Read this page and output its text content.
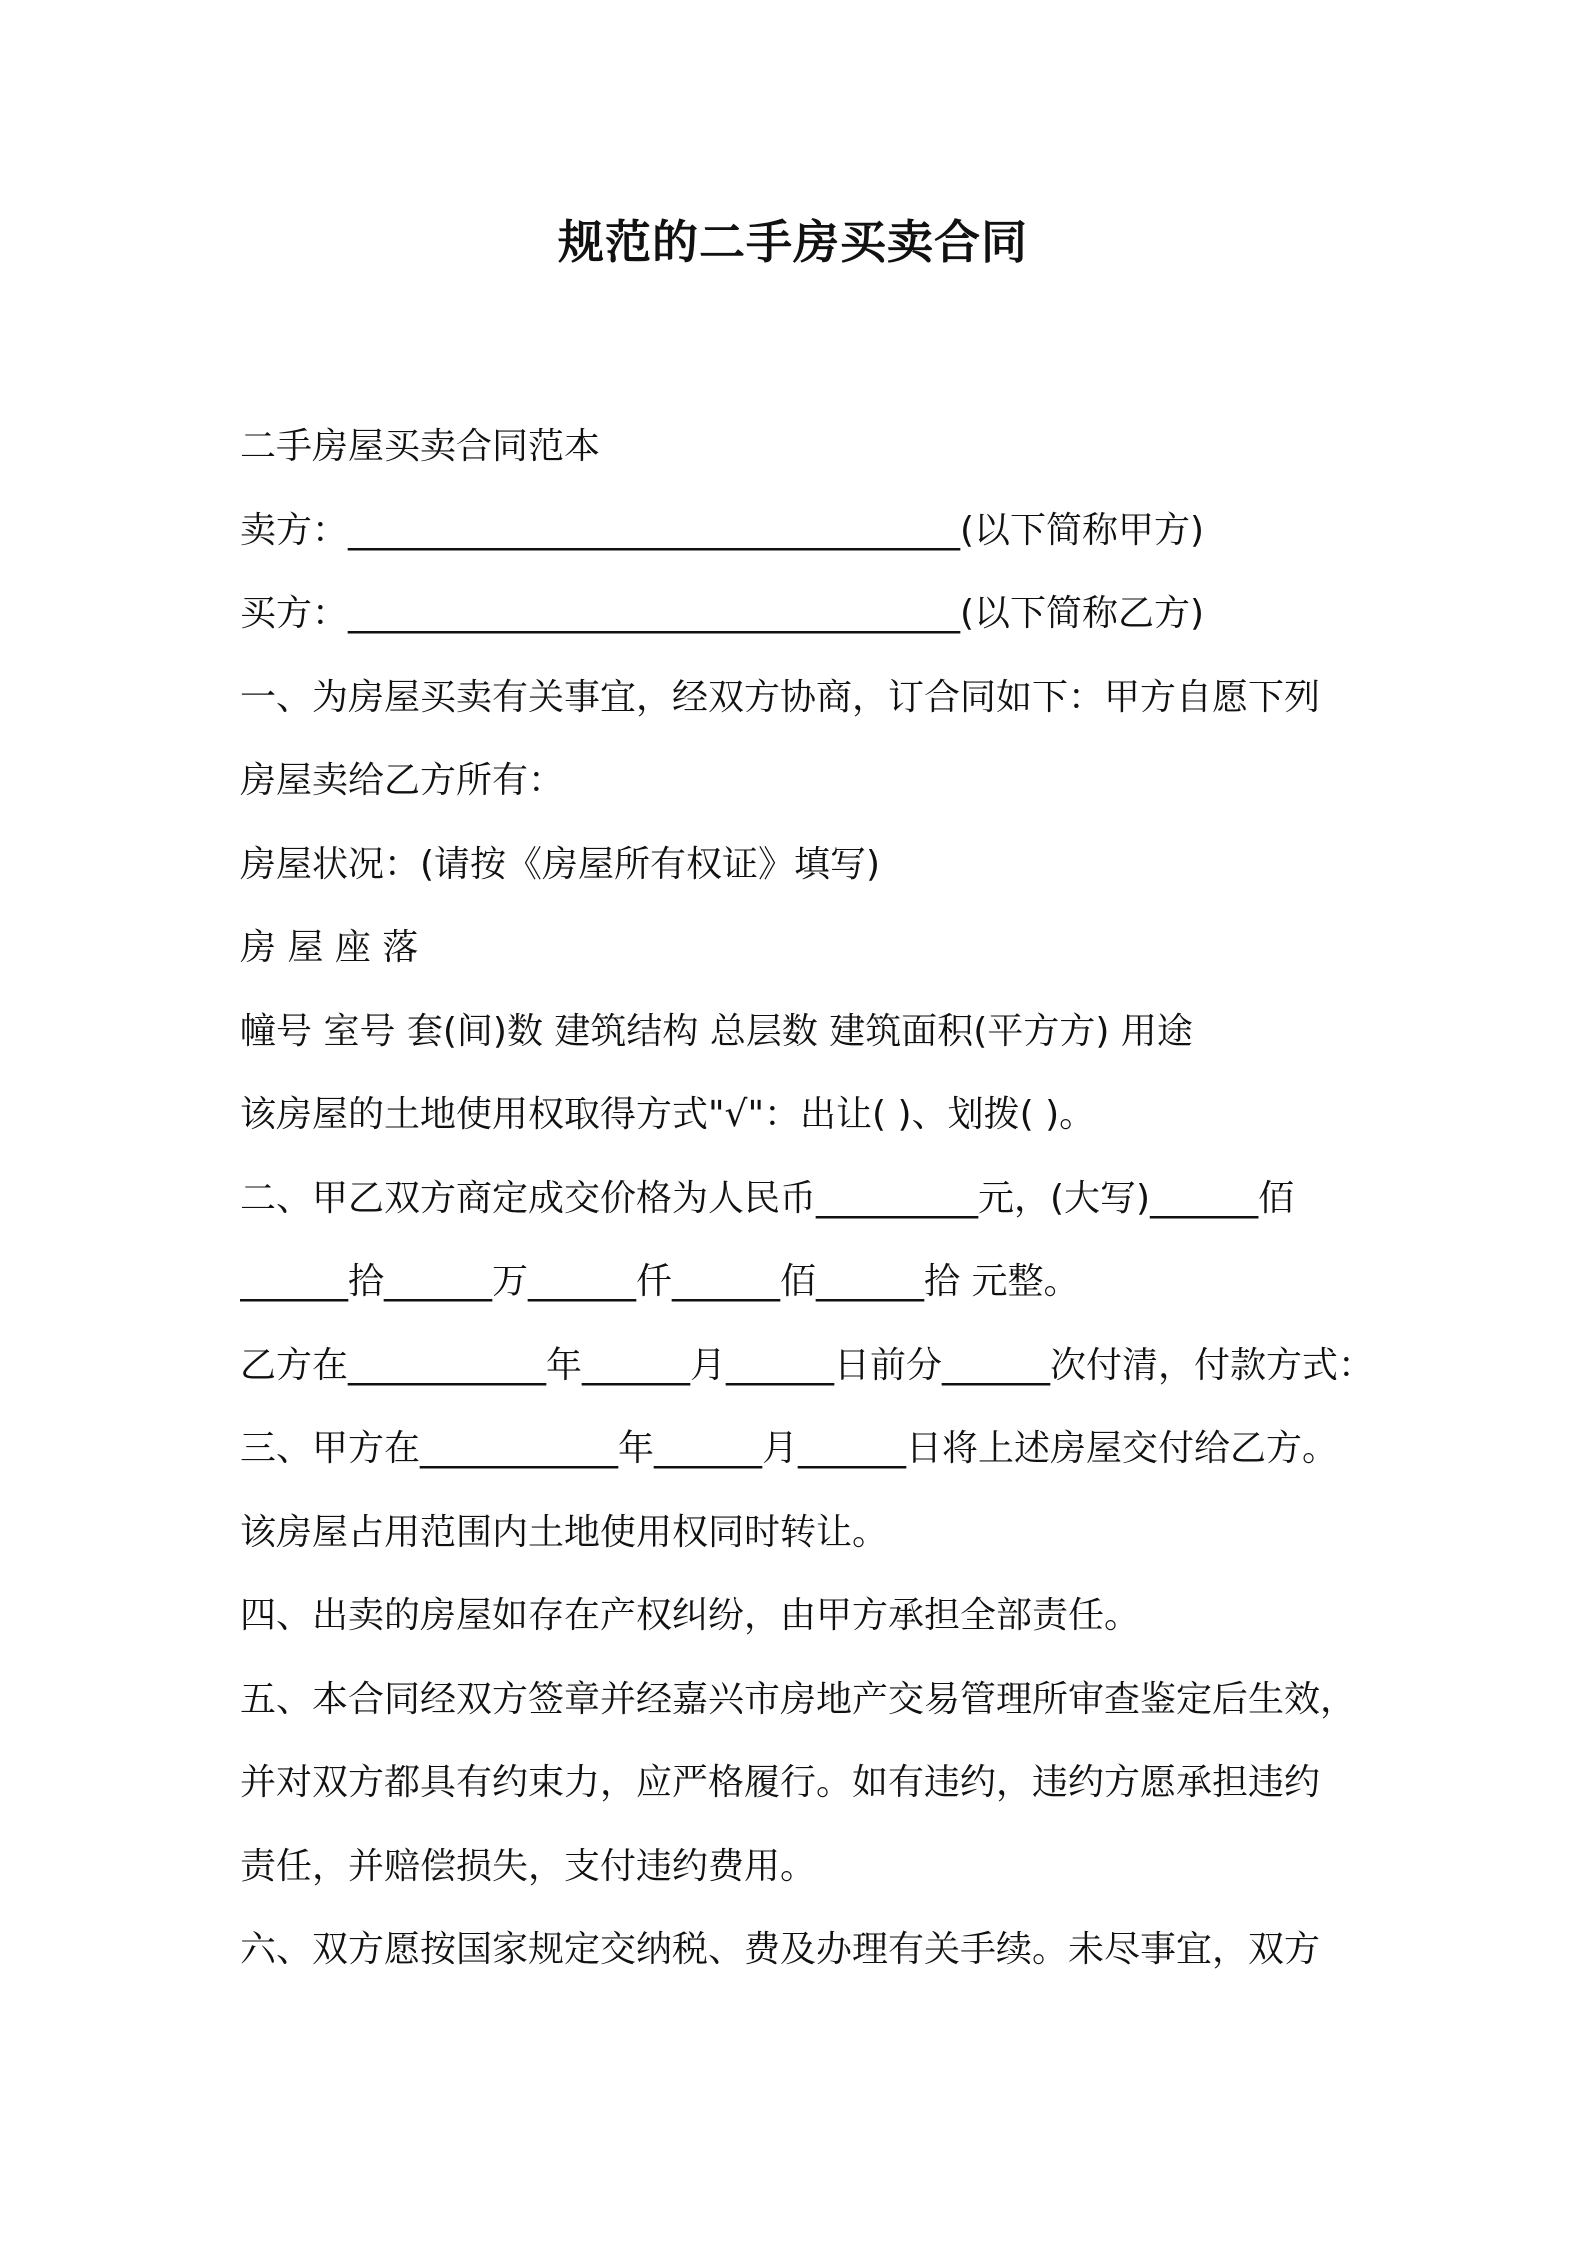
规范的二手房买卖合同
二手房屋买卖合同范本
卖方：__________________________________(以下简称甲方)
买方：__________________________________(以下简称乙方)
一、为房屋买卖有关事宜，经双方协商，订合同如下：甲方自愿下列
房屋卖给乙方所有：
房屋状况：(请按《房屋所有权证》填写)
房 屋 座 落
幢号 室号 套(间)数 建筑结构 总层数 建筑面积(平方方) 用途
该房屋的土地使用权取得方式"√"：出让( )、划拨( )。
二、甲乙双方商定成交价格为人民币_________元，(大写)______佰
______拾______万______仟______佰______拾 元整。
乙方在___________年______月______日前分______次付清，付款方式：
三、甲方在___________年______月______日将上述房屋交付给乙方。
该房屋占用范围内土地使用权同时转让。
四、出卖的房屋如存在产权纠纷，由甲方承担全部责任。
五、本合同经双方签章并经嘉兴市房地产交易管理所审查鉴定后生效，
并对双方都具有约束力，应严格履行。如有违约，违约方愿承担违约
责任，并赔偿损失，支付违约费用。
六、双方愿按国家规定交纳税、费及办理有关手续。未尽事宜，双方
